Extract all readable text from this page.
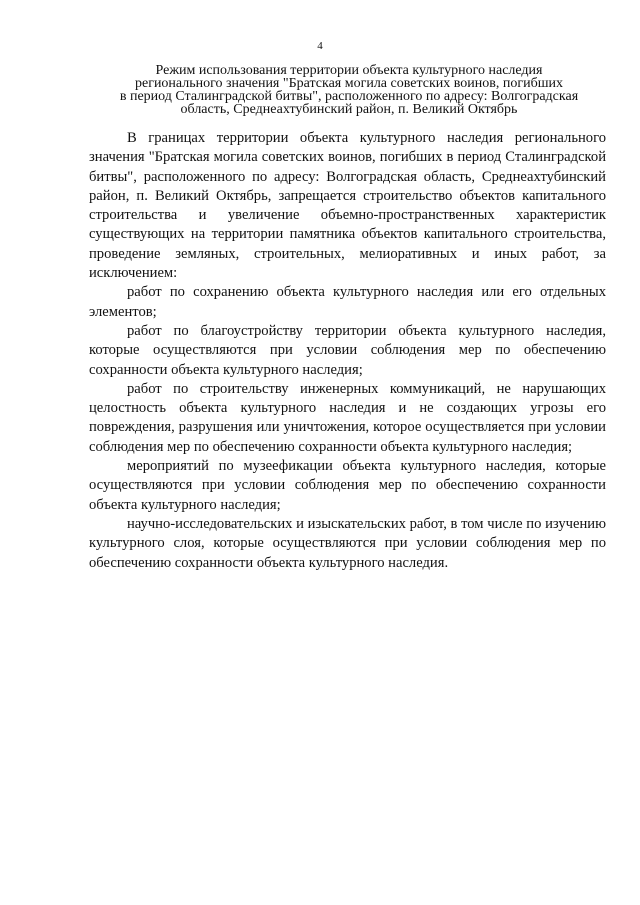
4
Режим использования территории объекта культурного наследия
регионального значения "Братская могила советских воинов, погибших
в период Сталинградской битвы", расположенного по адресу: Волгоградская
область, Среднеахтубинский район, п. Великий Октябрь

В границах территории объекта культурного наследия регионального значения "Братская могила советских воинов, погибших в период Сталинградской битвы", расположенного по адресу: Волгоградская область, Среднеахтубинский район, п. Великий Октябрь, запрещается строительство объектов капитального строительства и увеличение объемно-пространственных характеристик существующих на территории памятника объектов капитального строительства, проведение земляных, строительных, мелиоративных и иных работ, за исключением:

работ по сохранению объекта культурного наследия или его отдельных элементов;

работ по благоустройству территории объекта культурного наследия, которые осуществляются при условии соблюдения мер по обеспечению сохранности объекта культурного наследия;

работ по строительству инженерных коммуникаций, не нарушающих целостность объекта культурного наследия и не создающих угрозы его повреждения, разрушения или уничтожения, которое осуществляется при условии соблюдения мер по обеспечению сохранности объекта культурного наследия;

мероприятий по музеефикации объекта культурного наследия, которые осуществляются при условии соблюдения мер по обеспечению сохранности объекта культурного наследия;

научно-исследовательских и изыскательских работ, в том числе по изучению культурного слоя, которые осуществляются при условии соблюдения мер по обеспечению сохранности объекта культурного наследия.
